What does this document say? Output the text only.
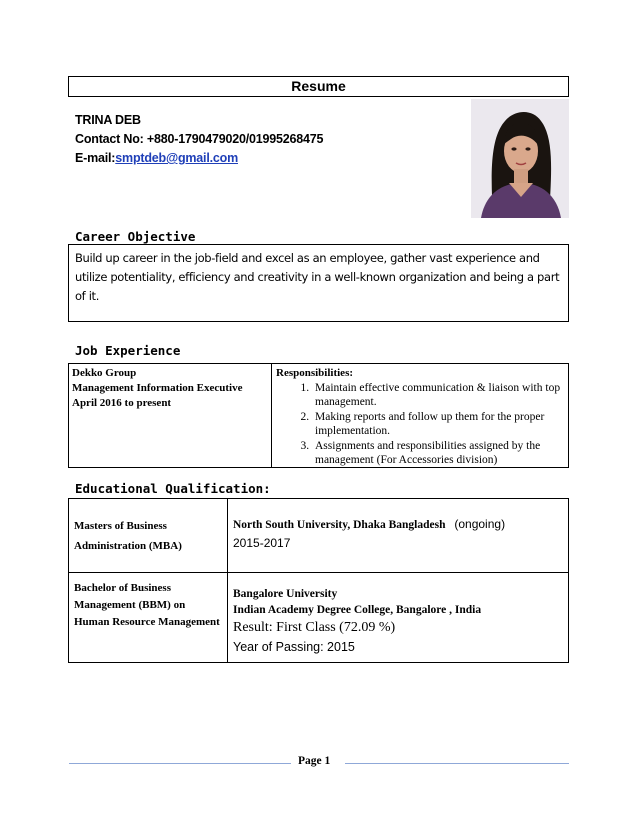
Resume
TRINA DEB
Contact No: +880-1790479020/01995268475
E-mail:smptdeb@gmail.com
Career Objective
Build up career in the job-field and excel as an employee, gather vast experience and utilize potentiality, efficiency and creativity in a well-known organization and being a part of it.
Job Experience
Dekko Group
Management Information Executive
April 2016 to present
Responsibilities:
1. Maintain effective communication & liaison with top management.
2. Making reports and follow up them for the proper implementation.
3. Assignments and responsibilities assigned by the management (For Accessories division)
Educational Qualification:
Masters of Business Administration (MBA)
North South University, Dhaka Bangladesh (ongoing)
2015-2017
Bachelor of Business Management (BBM) on Human Resource Management
Bangalore University
Indian Academy Degree College, Bangalore , India
Result: First Class (72.09 %)
Year of Passing: 2015
Page 1
